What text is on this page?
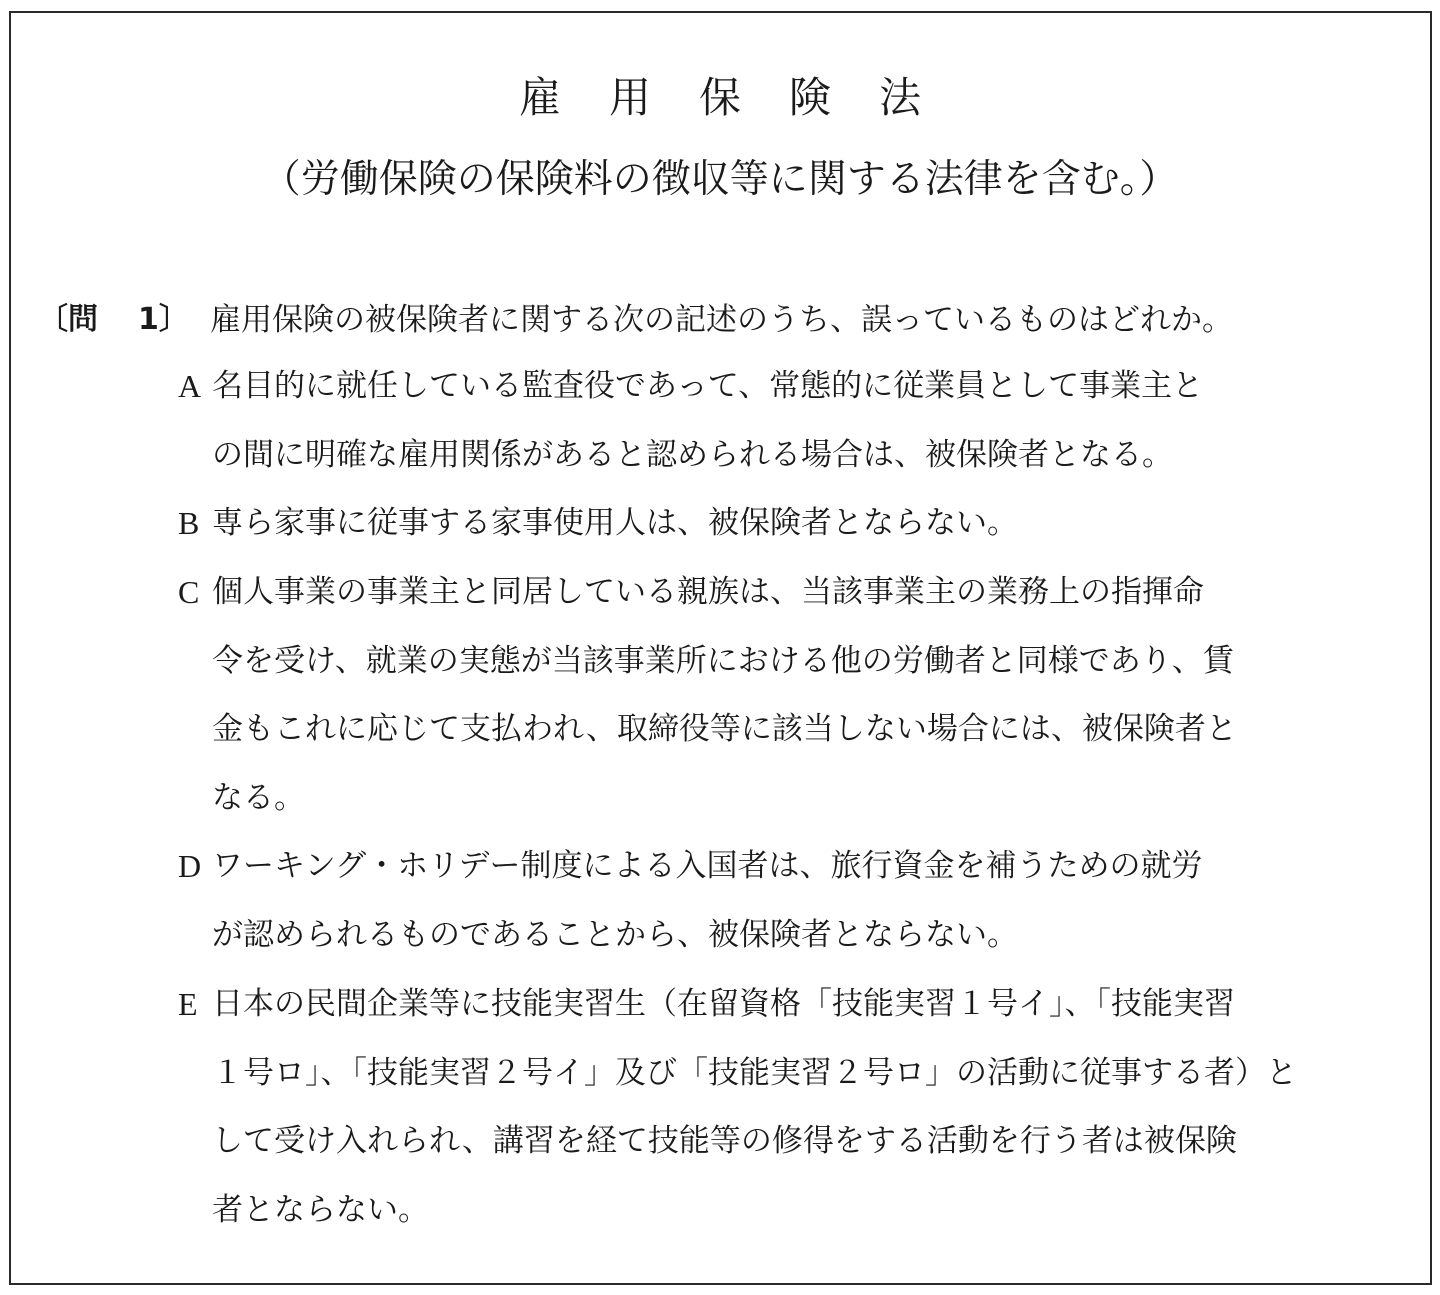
雇用保険法
（労働保険の保険料の徴収等に関する法律を含む。）
〔問 1〕 雇用保険の被保険者に関する次の記述のうち、誤っているものはどれか。
A 名目的に就任している監査役であって、常態的に従業員として事業主と
の間に明確な雇用関係があると認められる場合は、被保険者となる。
B 専ら家事に従事する家事使用人は、被保険者とならない。
C 個人事業の事業主と同居している親族は、当該事業主の業務上の指揮命
令を受け、就業の実態が当該事業所における他の労働者と同様であり、賃
金もこれに応じて支払われ、取締役等に該当しない場合には、被保険者と
なる。
D ワーキング・ホリデー制度による入国者は、旅行資金を補うための就労
が認められるものであることから、被保険者とならない。
E 日本の民間企業等に技能実習生（在留資格「技能実習１号イ」、「技能実習
１号ロ」、「技能実習２号イ」及び「技能実習２号ロ」の活動に従事する者）と
して受け入れられ、講習を経て技能等の修得をする活動を行う者は被保険
者とならない。
